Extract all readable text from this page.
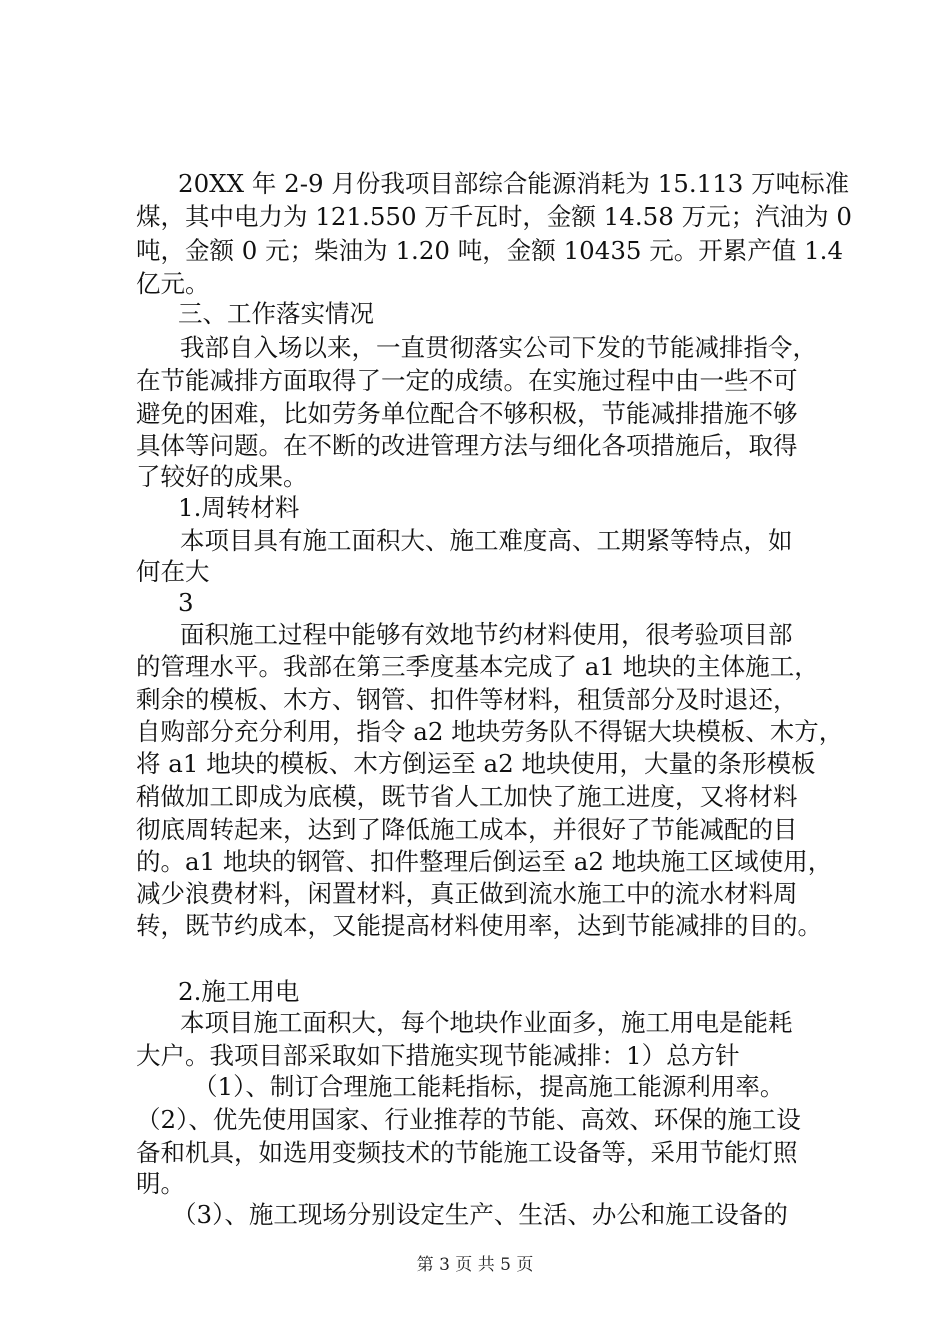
20XX 年 2-9 月份我项目部综合能源消耗为 15.113 万吨标准
煤，其中电力为 121.550 万千瓦时，金额 14.58 万元；汽油为 0
吨，金额 0 元；柴油为 1.20 吨，金额 10435 元。开累产值 1.4
亿元。
三、工作落实情况
我部自入场以来，一直贯彻落实公司下发的节能减排指令，
在节能减排方面取得了一定的成绩。在实施过程中由一些不可
避免的困难，比如劳务单位配合不够积极，节能减排措施不够
具体等问题。在不断的改进管理方法与细化各项措施后，取得
了较好的成果。
1.周转材料
本项目具有施工面积大、施工难度高、工期紧等特点，如
何在大
3
面积施工过程中能够有效地节约材料使用，很考验项目部
的管理水平。我部在第三季度基本完成了 a1 地块的主体施工，
剩余的模板、木方、钢管、扣件等材料，租赁部分及时退还，
自购部分充分利用，指令 a2 地块劳务队不得锯大块模板、木方，
将 a1 地块的模板、木方倒运至 a2 地块使用，大量的条形模板
稍做加工即成为底模，既节省人工加快了施工进度，又将材料
彻底周转起来，达到了降低施工成本，并很好了节能减配的目
的。a1 地块的钢管、扣件整理后倒运至 a2 地块施工区域使用，
减少浪费材料，闲置材料，真正做到流水施工中的流水材料周
转，既节约成本，又能提高材料使用率，达到节能减排的目的。
2.施工用电
本项目施工面积大，每个地块作业面多，施工用电是能耗
大户。我项目部采取如下措施实现节能减排：1）总方针
（1）、制订合理施工能耗指标，提高施工能源利用率。
（2）、优先使用国家、行业推荐的节能、高效、环保的施工设
备和机具，如选用变频技术的节能施工设备等，采用节能灯照
明。
（3）、施工现场分别设定生产、生活、办公和施工设备的
第 3 页 共 5 页
